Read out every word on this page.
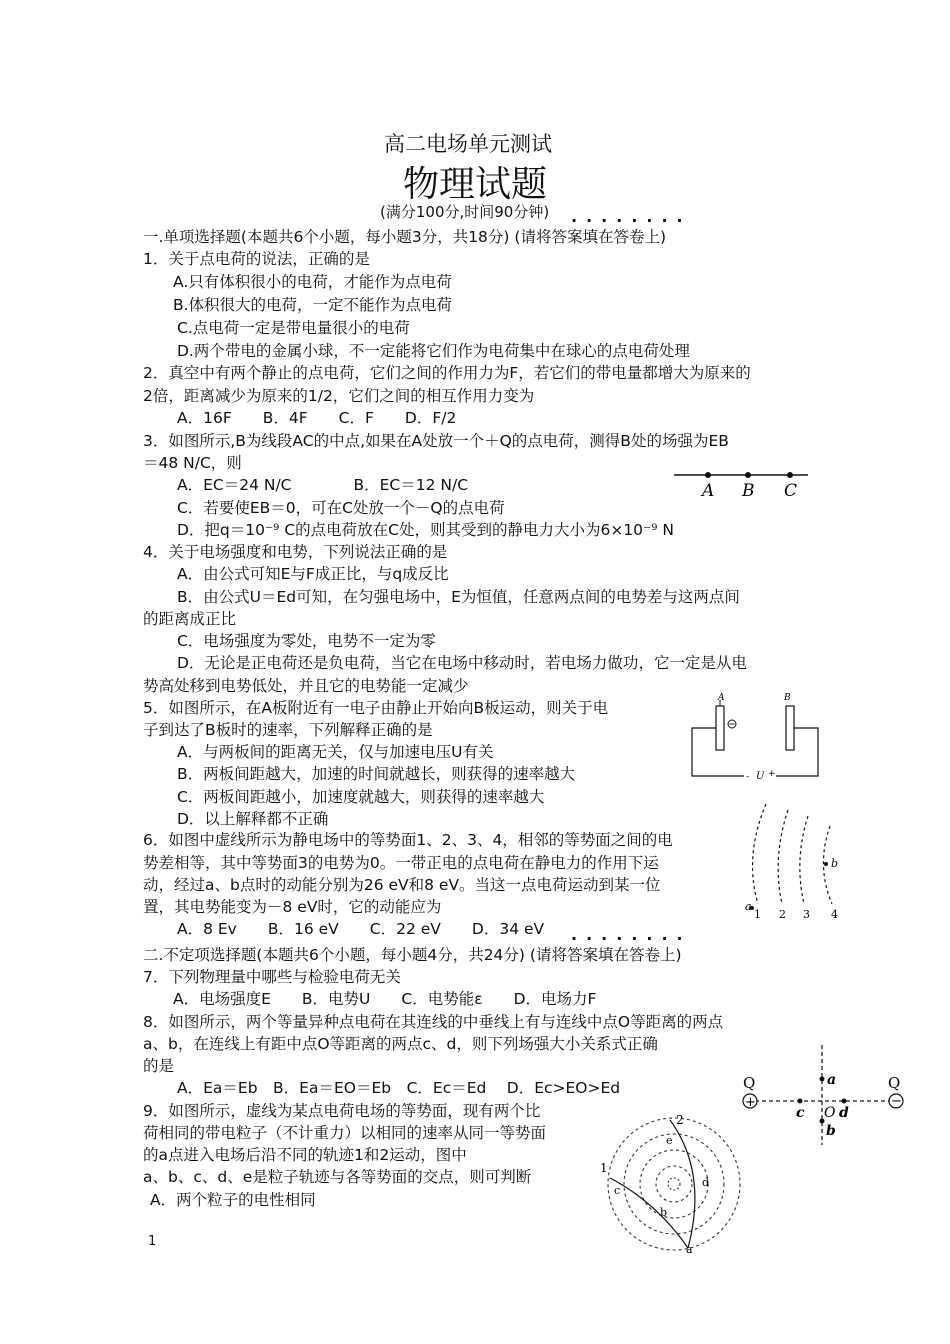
高二电场单元测试
物理试题
(满分100分,时间90分钟) ········
一.单项选择题(本题共6个小题，每小题3分，共18分) (请将答案填在答卷上)
1．关于点电荷的说法，正确的是
A.只有体积很小的电荷，才能作为点电荷
B.体积很大的电荷，一定不能作为点电荷
C.点电荷一定是带电量很小的电荷
D.两个带电的金属小球，不一定能将它们作为电荷集中在球心的点电荷处理
2．真空中有两个静止的点电荷，它们之间的作用力为F，若它们的带电量都增大为原来的
2倍，距离减少为原来的1/2，它们之间的相互作用力变为
A．16F　　B．4F　　C．F　　D．F/2
3．如图所示,B为线段AC的中点,如果在A处放一个＋Q的点电荷，测得B处的场强为EB
＝48 N/C，则
A．EC＝24 N/C　　　　B．EC＝12 N/C
C．若要使EB＝0，可在C处放一个－Q的点电荷
D．把q＝10⁻⁹ C的点电荷放在C处，则其受到的静电力大小为6×10⁻⁹ N
A B C
4．关于电场强度和电势，下列说法正确的是
A．由公式可知E与F成正比，与q成反比
B．由公式U＝Ed可知，在匀强电场中，E为恒值，任意两点间的电势差与这两点间
的距离成正比
C．电场强度为零处，电势不一定为零
D．无论是正电荷还是负电荷，当它在电场中移动时，若电场力做功，它一定是从电
势高处移到电势低处，并且它的电势能一定减少
5．如图所示，在A板附近有一电子由静止开始向B板运动，则关于电
子到达了B板时的速率，下列解释正确的是
A．与两板间的距离无关，仅与加速电压U有关
B．两板间距越大，加速的时间就越长，则获得的速率越大
C．两板间距越小，加速度就越大，则获得的速率越大
D．以上解释都不正确
A	B
- U +
6．如图中虚线所示为静电场中的等势面1、2、3、4，相邻的等势面之间的电
势差相等，其中等势面3的电势为0。一带正电的点电荷在静电力的作用下运
动，经过a、b点时的动能分别为26 eV和8 eV。当这一点电荷运动到某一位
置，其电势能变为－8 eV时，它的动能应为
A．8 Ev　　B．16 eV　　C．22 eV　　D．34 eV
a
b
1 2 3 4
········
二.不定项选择题(本题共6个小题，每小题4分，共24分) (请将答案填在答卷上)
7．下列物理量中哪些与检验电荷无关
A．电场强度E　　B．电势U　　C．电势能ε　　D．电场力F
8．如图所示，两个等量异种点电荷在其连线的中垂线上有与连线中点O等距离的两点
a、b，在连线上有距中点O等距离的两点c、d，则下列场强大小关系式正确
的是
A．Ea＝Eb　B．Ea＝EO＝Eb　C．Ec＝Ed　 D．Ec>EO>Ed
+	−
Q	Q
a
b
c O d
9．如图所示，虚线为某点电荷电场的等势面，现有两个比
荷相同的带电粒子（不计重力）以相同的速率从同一等势面
的a点进入电场后沿不同的轨迹1和2运动，图中
a、b、c、d、e是粒子轨迹与各等势面的交点，则可判断
A．两个粒子的电性相同
1
2
a
b
c
d
e
1
